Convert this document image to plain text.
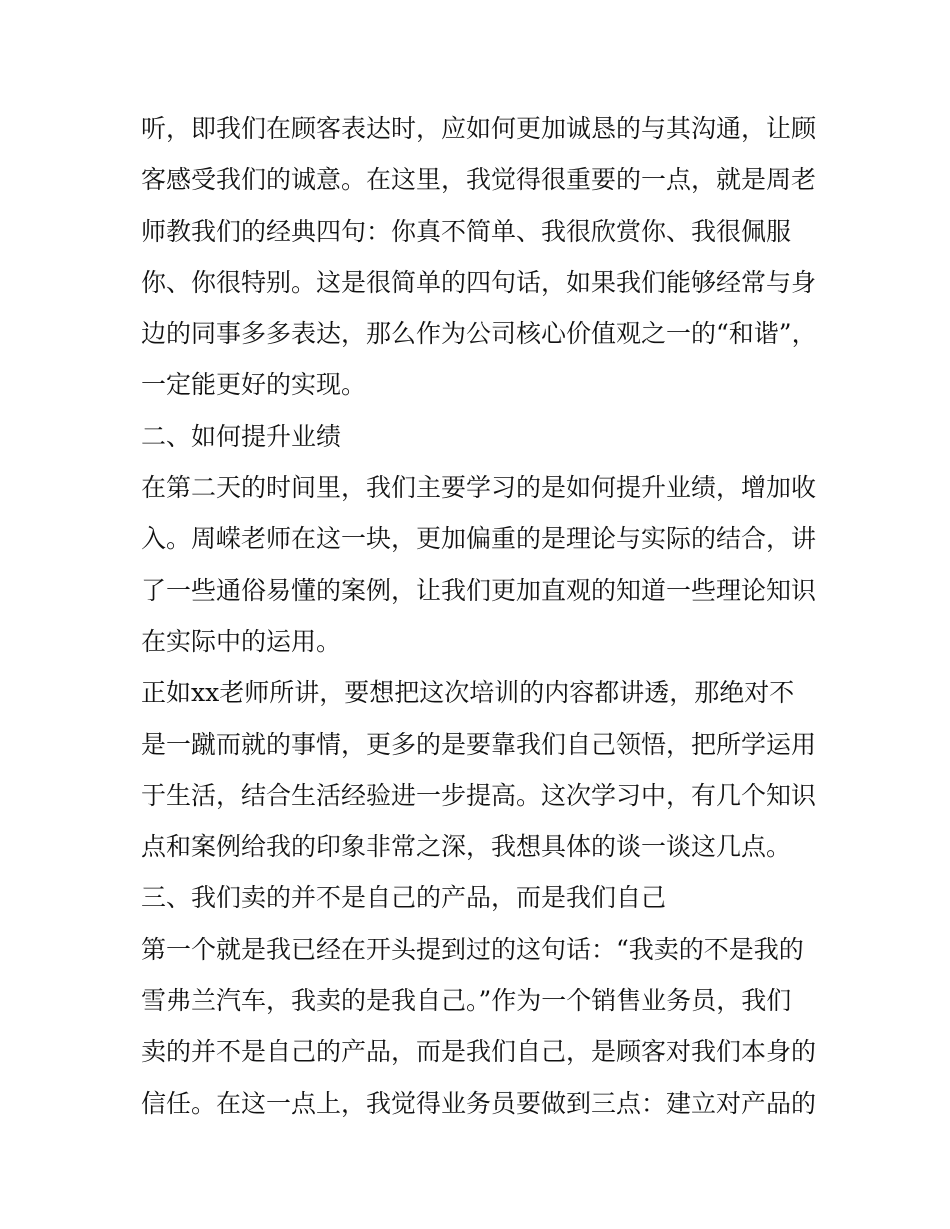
听，即我们在顾客表达时，应如何更加诚恳的与其沟通，让顾
客感受我们的诚意。在这里，我觉得很重要的一点，就是周老
师教我们的经典四句：你真不简单、我很欣赏你、我很佩服
你、你很特别。这是很简单的四句话，如果我们能够经常与身
边的同事多多表达，那么作为公司核心价值观之一的“和谐”，
一定能更好的实现。
二、如何提升业绩
在第二天的时间里，我们主要学习的是如何提升业绩，增加收
入。周嵘老师在这一块，更加偏重的是理论与实际的结合，讲
了一些通俗易懂的案例，让我们更加直观的知道一些理论知识
在实际中的运用。
正如xx老师所讲，要想把这次培训的内容都讲透，那绝对不
是一蹴而就的事情，更多的是要靠我们自己领悟，把所学运用
于生活，结合生活经验进一步提高。这次学习中，有几个知识
点和案例给我的印象非常之深，我想具体的谈一谈这几点。
三、我们卖的并不是自己的产品，而是我们自己
第一个就是我已经在开头提到过的这句话：“我卖的不是我的
雪弗兰汽车，我卖的是我自己。”作为一个销售业务员，我们
卖的并不是自己的产品，而是我们自己，是顾客对我们本身的
信任。在这一点上，我觉得业务员要做到三点：建立对产品的
